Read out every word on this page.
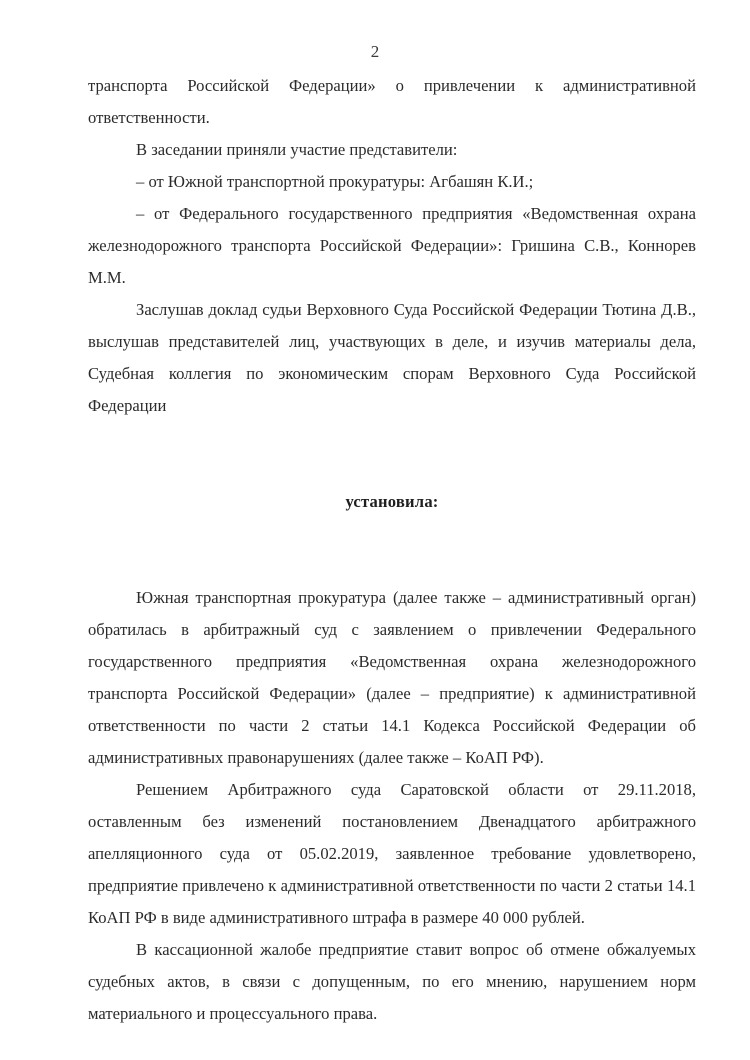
2

транспорта Российской Федерации» о привлечении к административной ответственности.

В заседании приняли участие представители:

– от Южной транспортной прокуратуры: Агбашян К.И.;

– от Федерального государственного предприятия «Ведомственная охрана железнодорожного транспорта Российской Федерации»: Гришина С.В., Коннорев М.М.

Заслушав доклад судьи Верховного Суда Российской Федерации Тютина Д.В., выслушав представителей лиц, участвующих в деле, и изучив материалы дела, Судебная коллегия по экономическим спорам Верховного Суда Российской Федерации

установила:

Южная транспортная прокуратура (далее также – административный орган) обратилась в арбитражный суд с заявлением о привлечении Федерального государственного предприятия «Ведомственная охрана железнодорожного транспорта Российской Федерации» (далее – предприятие) к административной ответственности по части 2 статьи 14.1 Кодекса Российской Федерации об административных правонарушениях (далее также – КоАП РФ).

Решением Арбитражного суда Саратовской области от 29.11.2018, оставленным без изменений постановлением Двенадцатого арбитражного апелляционного суда от 05.02.2019, заявленное требование удовлетворено, предприятие привлечено к административной ответственности по части 2 статьи 14.1 КоАП РФ в виде административного штрафа в размере 40 000 рублей.

В кассационной жалобе предприятие ставит вопрос об отмене обжалуемых судебных актов, в связи с допущенным, по его мнению, нарушением норм материального и процессуального права.
